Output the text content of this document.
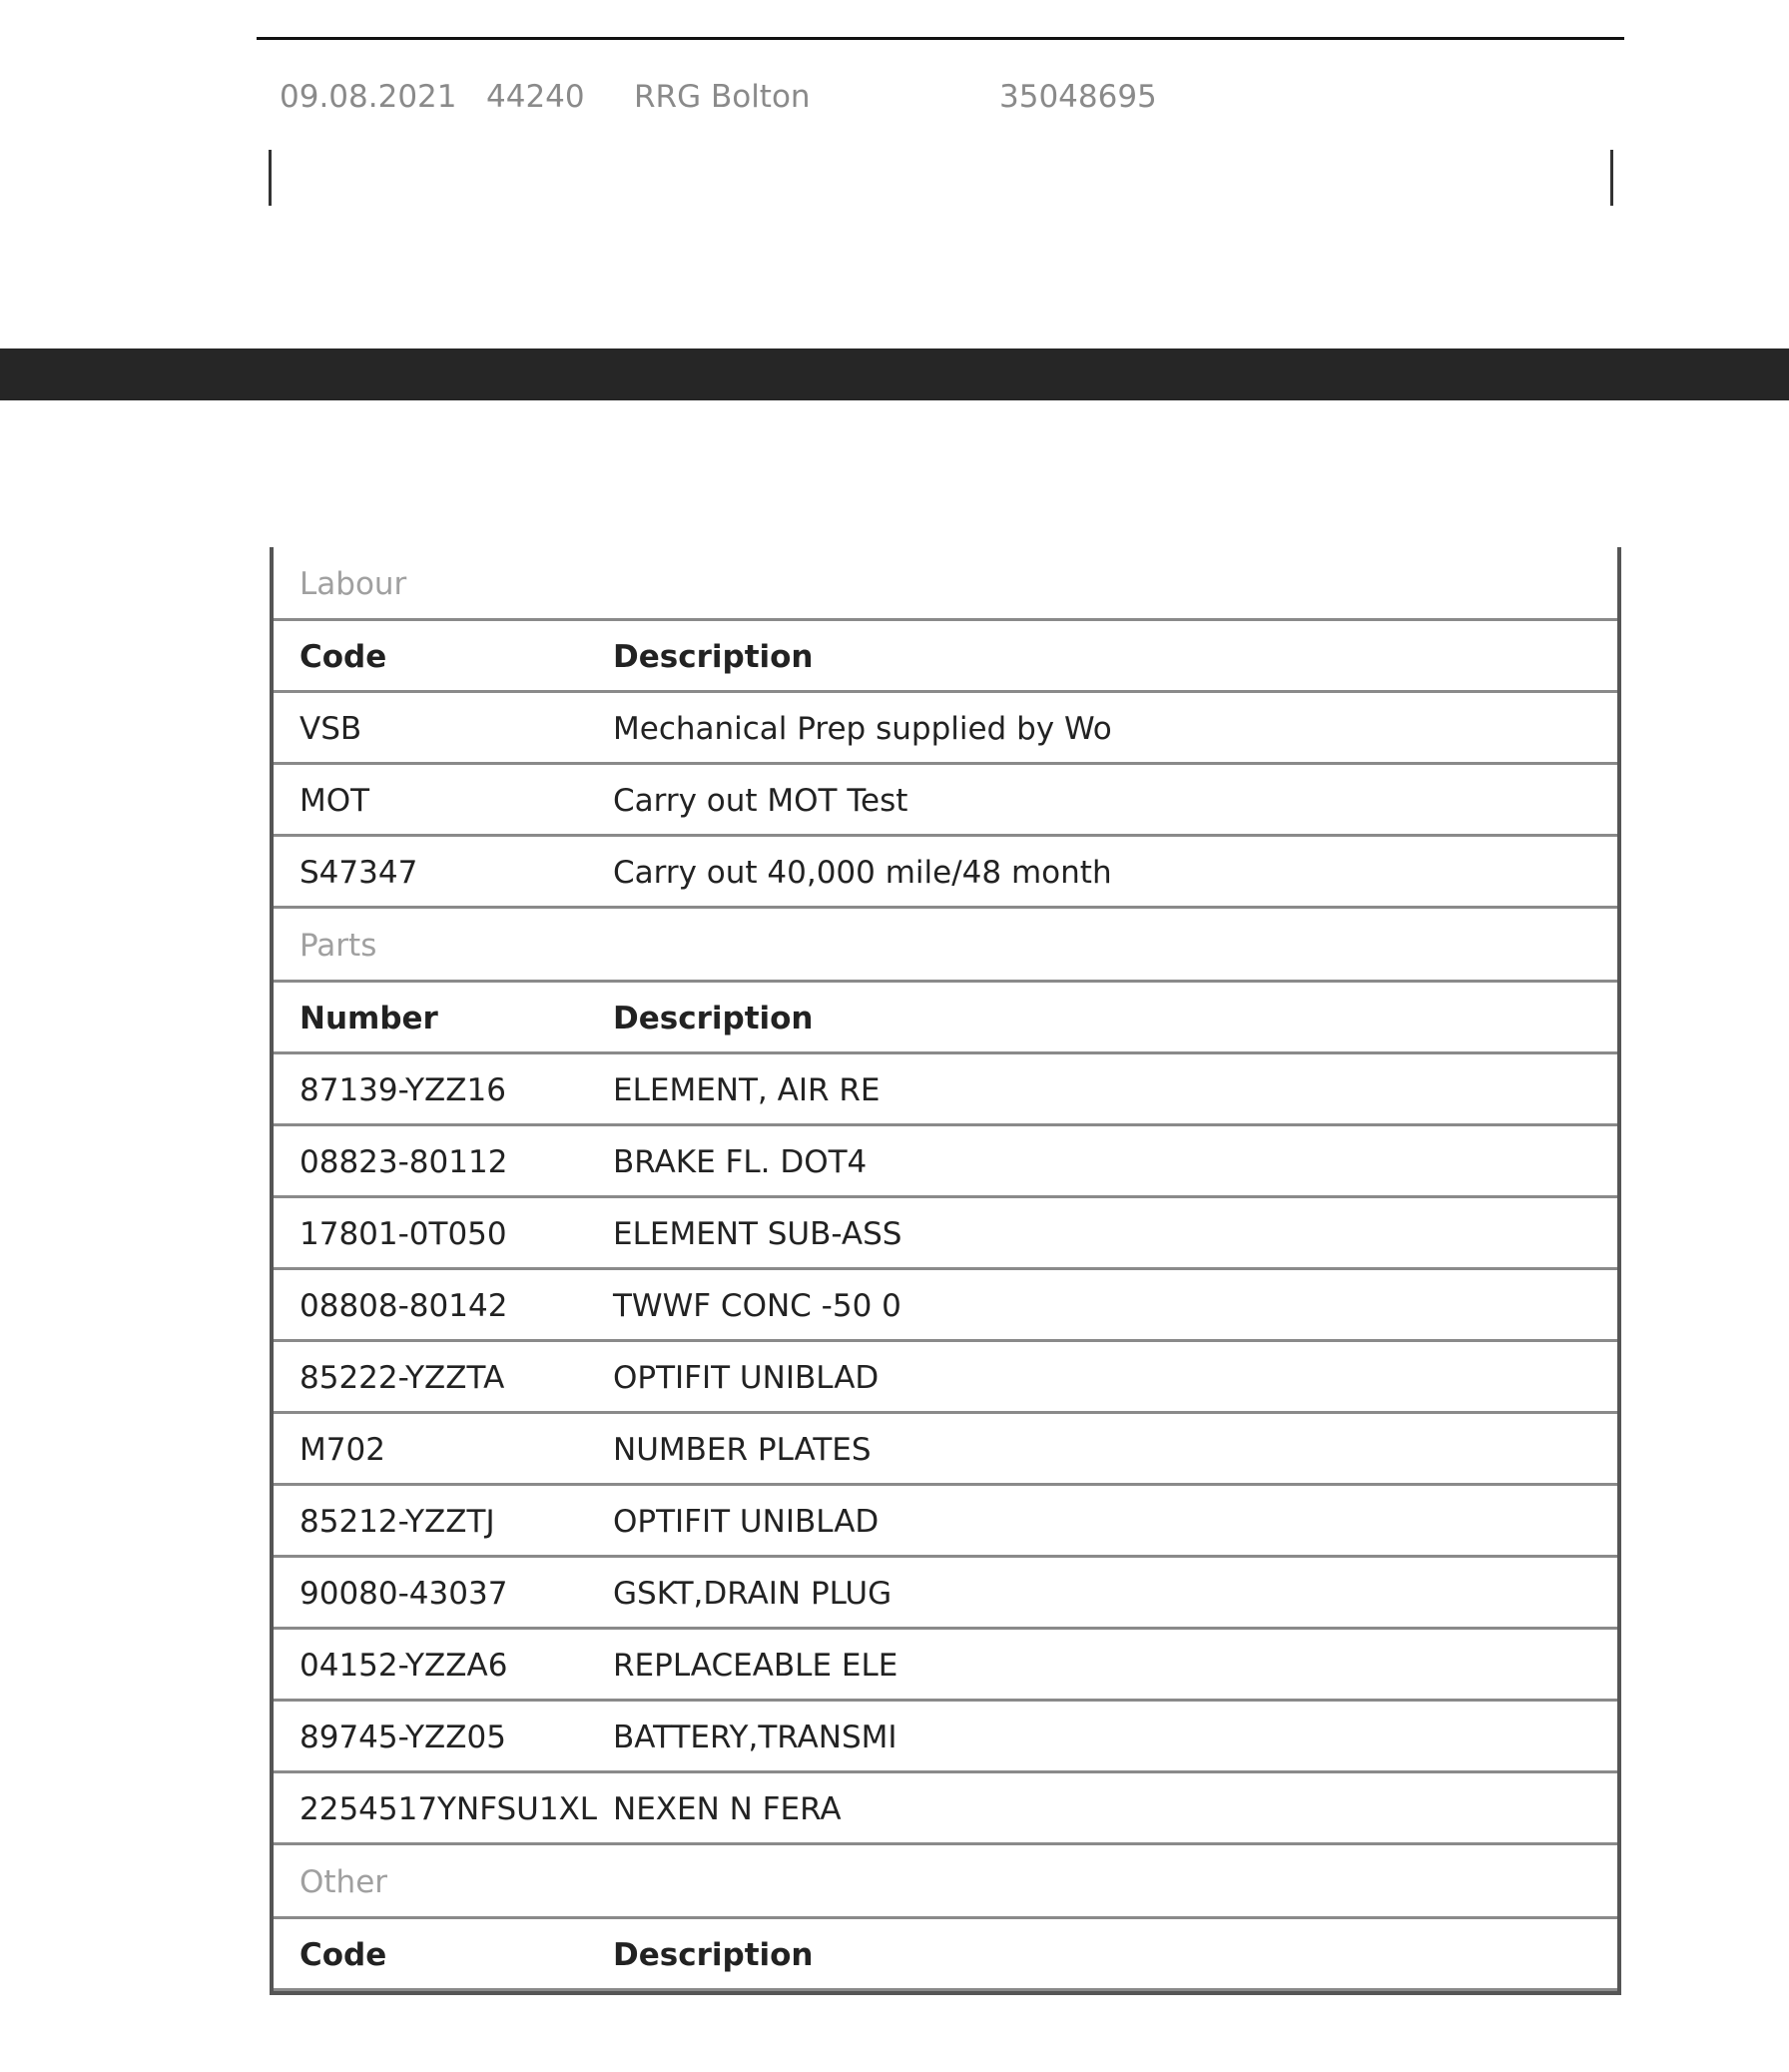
09.08.2021 44240 RRG Bolton	35048695
Labour
Code	Description
VSB	Mechanical Prep supplied by Wo
MOT	Carry out MOT Test
S47347	Carry out 40,000 mile/48 month
Parts
Number	Description
87139-YZZ16	ELEMENT, AIR RE
08823-80112	BRAKE FL. DOT4
17801-0T050	ELEMENT SUB-ASS
08808-80142	TWWF CONC -50 0
85222-YZZTA	OPTIFIT UNIBLAD
M702	NUMBER PLATES
85212-YZZTJ	OPTIFIT UNIBLAD
90080-43037	GSKT,DRAIN PLUG
04152-YZZA6	REPLACEABLE ELE
89745-YZZ05	BATTERY,TRANSMI
2254517YNFSU1XL NEXEN N FERA
Other
Code	Description
